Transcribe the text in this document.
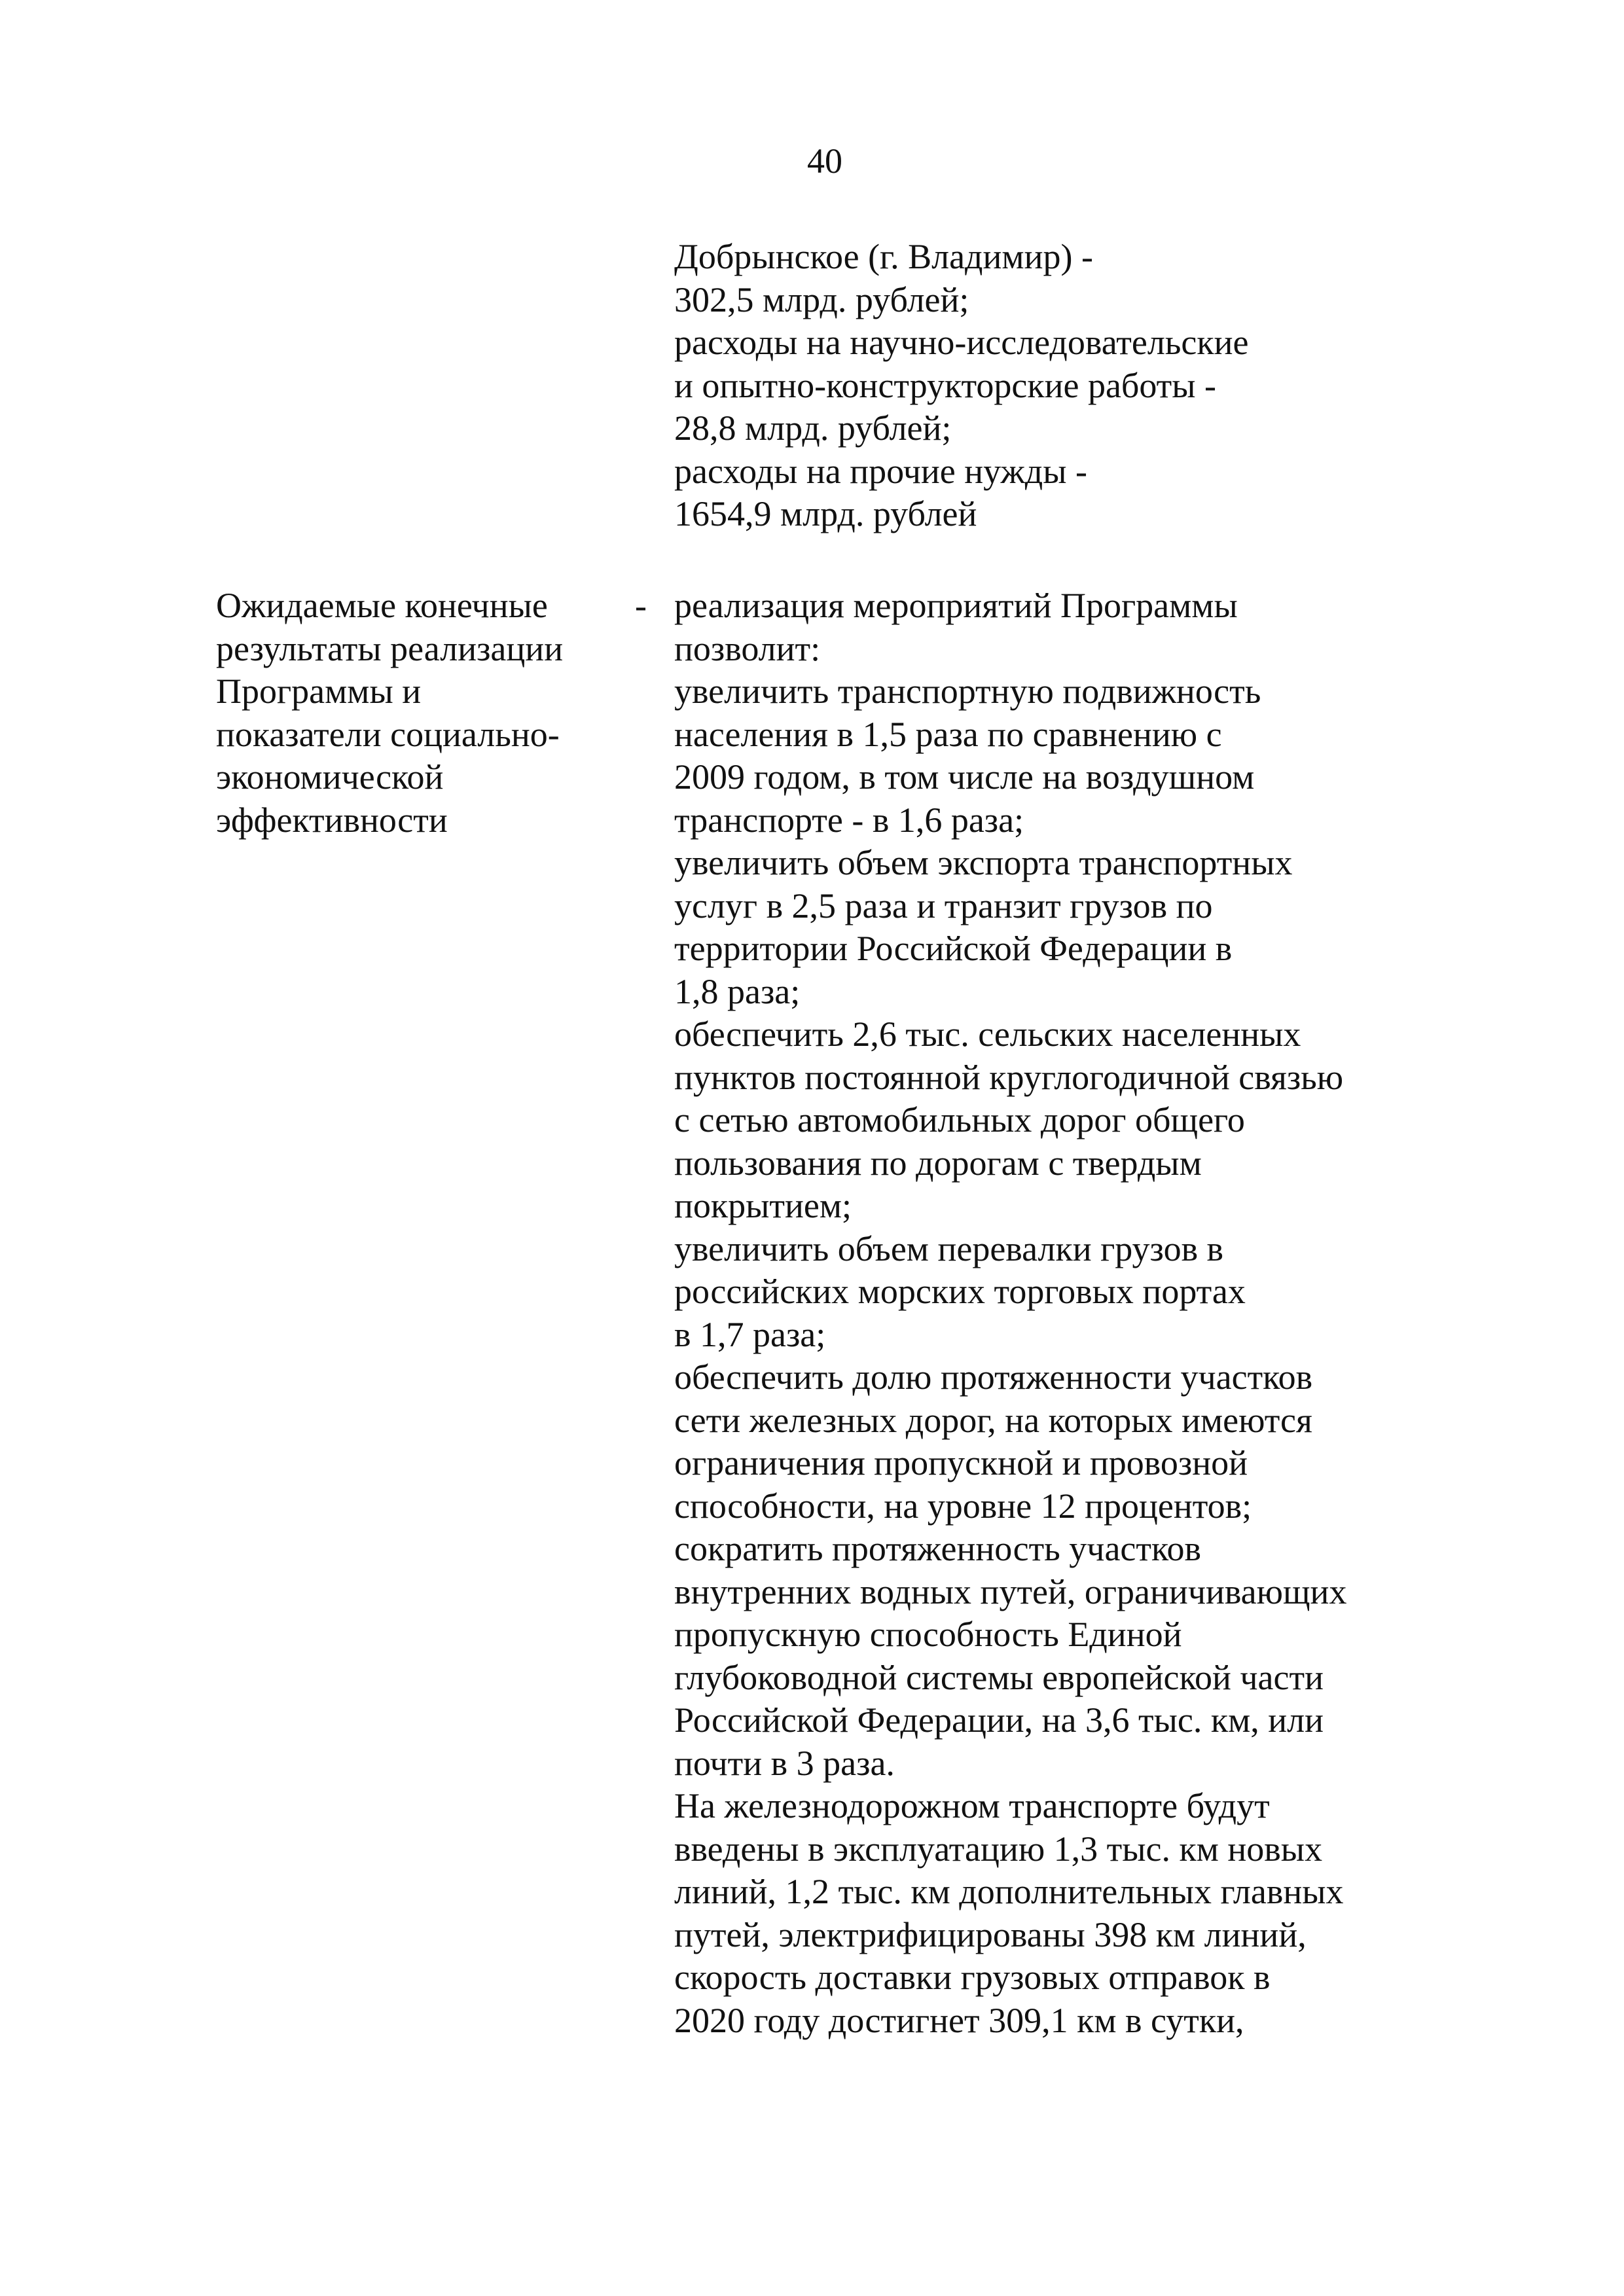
40
Добрынское (г. Владимир) -
302,5 млрд. рублей;
расходы на научно-исследовательские
и опытно-конструкторские работы -
28,8 млрд. рублей;
расходы на прочие нужды -
1654,9 млрд. рублей
Ожидаемые конечные
результаты реализации
Программы и
показатели социально-
экономической
эффективности
- реализация мероприятий Программы
позволит:
увеличить транспортную подвижность
населения в 1,5 раза по сравнению с
2009 годом, в том числе на воздушном
транспорте - в 1,6 раза;
увеличить объем экспорта транспортных
услуг в 2,5 раза и транзит грузов по
территории Российской Федерации в
1,8 раза;
обеспечить 2,6 тыс. сельских населенных
пунктов постоянной круглогодичной связью
с сетью автомобильных дорог общего
пользования по дорогам с твердым
покрытием;
увеличить объем перевалки грузов в
российских морских торговых портах
в 1,7 раза;
обеспечить долю протяженности участков
сети железных дорог, на которых имеются
ограничения пропускной и провозной
способности, на уровне 12 процентов;
сократить протяженность участков
внутренних водных путей, ограничивающих
пропускную способность Единой
глубоководной системы европейской части
Российской Федерации, на 3,6 тыс. км, или
почти в 3 раза.
На железнодорожном транспорте будут
введены в эксплуатацию 1,3 тыс. км новых
линий, 1,2 тыс. км дополнительных главных
путей, электрифицированы 398 км линий,
скорость доставки грузовых отправок в
2020 году достигнет 309,1 км в сутки,
